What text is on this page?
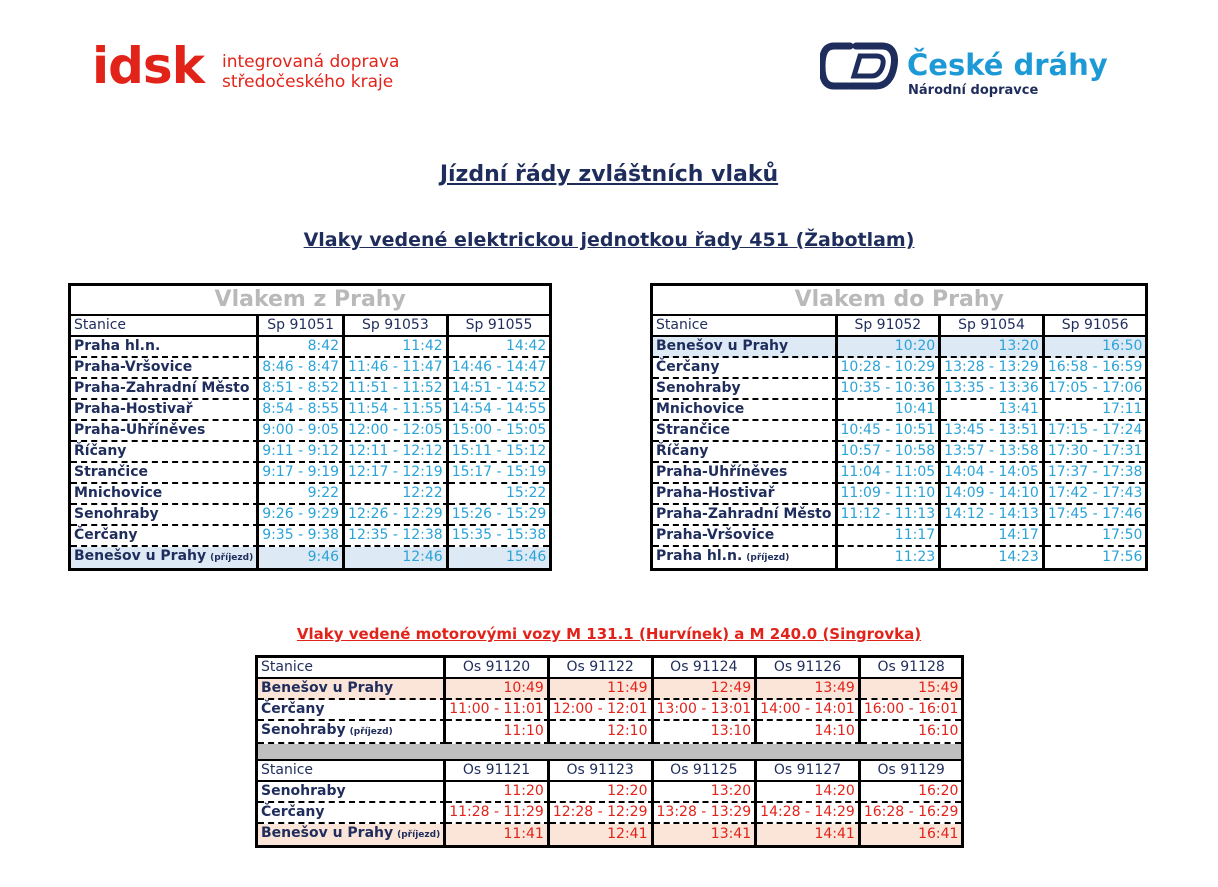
idsk integrovaná doprava
středočeského kraje	České dráhy
Národní dopravce
Jízdní řády zvláštních vlaků
Vlaky vedené elektrickou jednotkou řady 451 (Žabotlam)
Vlakem z Prahy			
Stanice	Sp 91051	Sp 91053	Sp 91055
Praha hl.n.	8:42	11:42	14:42
Praha-Vršovice	8:46 - 8:47	11:46 - 11:47	14:46 - 14:47
Praha-Zahradní Město	8:51 - 8:52	11:51 - 11:52	14:51 - 14:52
Praha-Hostivař	8:54 - 8:55	11:54 - 11:55	14:54 - 14:55
Praha-Uhříněves	9:00 - 9:05	12:00 - 12:05	15:00 - 15:05
Říčany	9:11 - 9:12	12:11 - 12:12	15:11 - 15:12
Strančice	9:17 - 9:19	12:17 - 12:19	15:17 - 15:19
Mnichovice	9:22	12:22	15:22
Senohraby	9:26 - 9:29	12:26 - 12:29	15:26 - 15:29
Čerčany	9:35 - 9:38	12:35 - 12:38	15:35 - 15:38
Benešov u Prahy (příjezd)	9:46	12:46	15:46
Vlakem do Prahy			
Stanice	Sp 91052	Sp 91054	Sp 91056
Benešov u Prahy	10:20	13:20	16:50
Čerčany	10:28 - 10:29	13:28 - 13:29	16:58 - 16:59
Senohraby	10:35 - 10:36	13:35 - 13:36	17:05 - 17:06
Mnichovice	10:41	13:41	17:11
Strančice	10:45 - 10:51	13:45 - 13:51	17:15 - 17:24
Říčany	10:57 - 10:58	13:57 - 13:58	17:30 - 17:31
Praha-Uhříněves	11:04 - 11:05	14:04 - 14:05	17:37 - 17:38
Praha-Hostivař	11:09 - 11:10	14:09 - 14:10	17:42 - 17:43
Praha-Zahradní Město	11:12 - 11:13	14:12 - 14:13	17:45 - 17:46
Praha-Vršovice	11:17	14:17	17:50
Praha hl.n. (příjezd)	11:23	14:23	17:56
Vlaky vedené motorovými vozy M 131.1 (Hurvínek) a M 240.0 (Singrovka)
Stanice	Os 91120	Os 91122	Os 91124	Os 91126	Os 91128
Benešov u Prahy	10:49	11:49	12:49	13:49	15:49
Čerčany	11:00 - 11:01	12:00 - 12:01	13:00 - 13:01	14:00 - 14:01	16:00 - 16:01
Senohraby (příjezd)	11:10	12:10	13:10	14:10	16:10

Stanice	Os 91121	Os 91123	Os 91125	Os 91127	Os 91129
Senohraby	11:20	12:20	13:20	14:20	16:20
Čerčany	11:28 - 11:29	12:28 - 12:29	13:28 - 13:29	14:28 - 14:29	16:28 - 16:29
Benešov u Prahy (příjezd)	11:41	12:41	13:41	14:41	16:41
